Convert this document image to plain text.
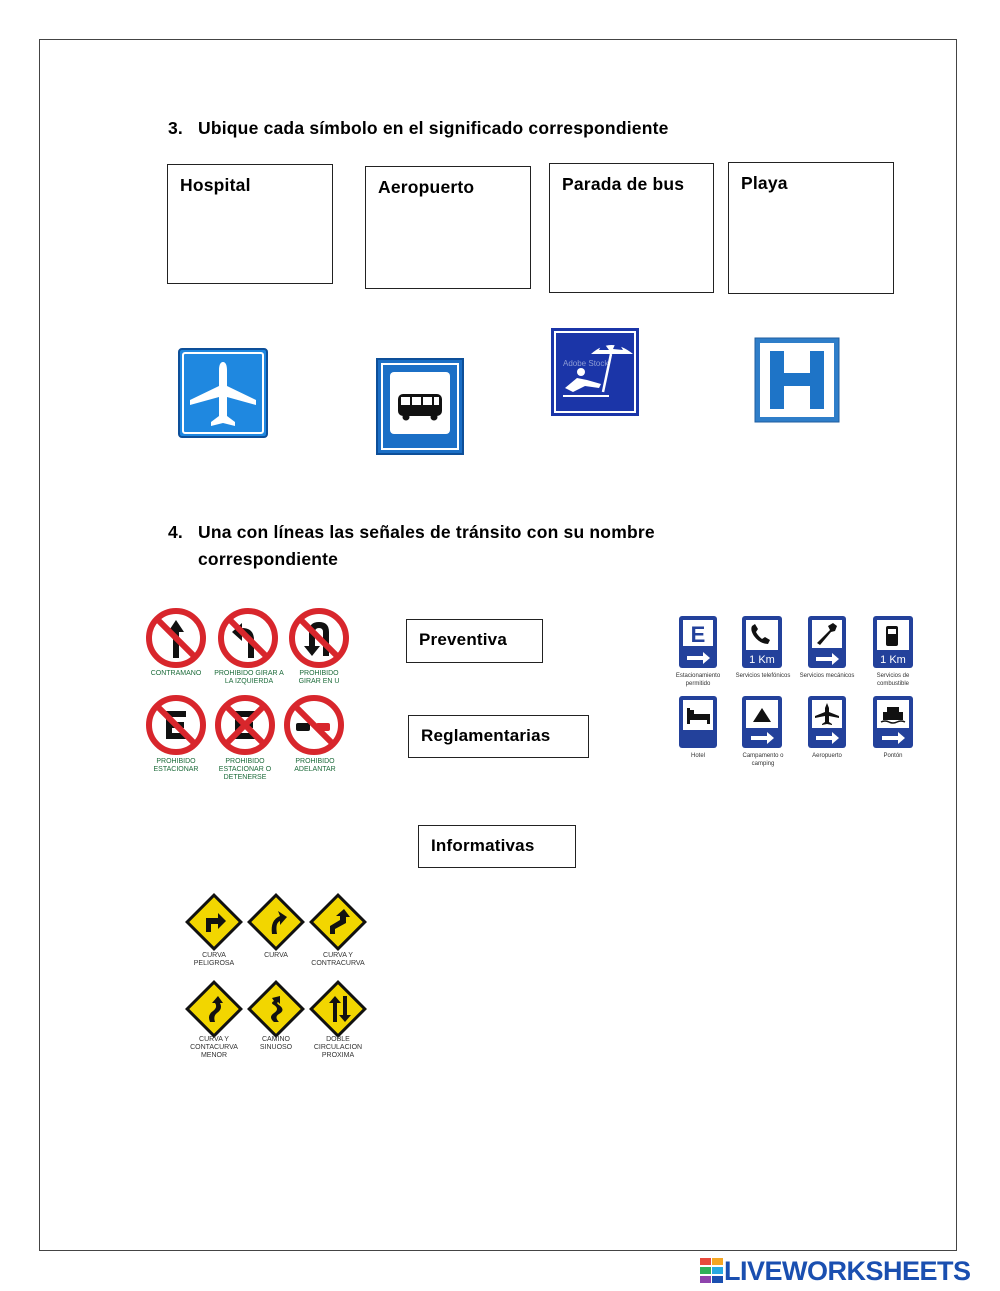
3. Ubique cada símbolo en el significado correspondiente
Hospital	Aeropuerto	Parada de bus	Playa
Adobe Stock
4. Una con líneas las señales de tránsito con su nombre
correspondiente
Preventiva
Reglamentarias
Informativas
CONTRAMANO	PROHIBIDO GIRAR A LA IZQUIERDA
PROHIBIDO GIRAR EN U
PROHIBIDO ESTACIONAR
PROHIBIDO ESTACIONAR O DETENERSE
PROHIBIDO ADELANTAR
E
1 Km	1 Km
Estacionamiento permitido
Servicios telefónicos	Servicios mecánicos	Servicios de combustible
Hotel	Campamento o camping
Aeropuerto	Pontón
CURVA PELIGROSA
CURVA	CURVA Y CONTRACURVA
CURVA Y CONTACURVA MENOR
CAMINO SINUOSO
DOBLE CIRCULACION PROXIMA
LIVEWORKSHEETS
